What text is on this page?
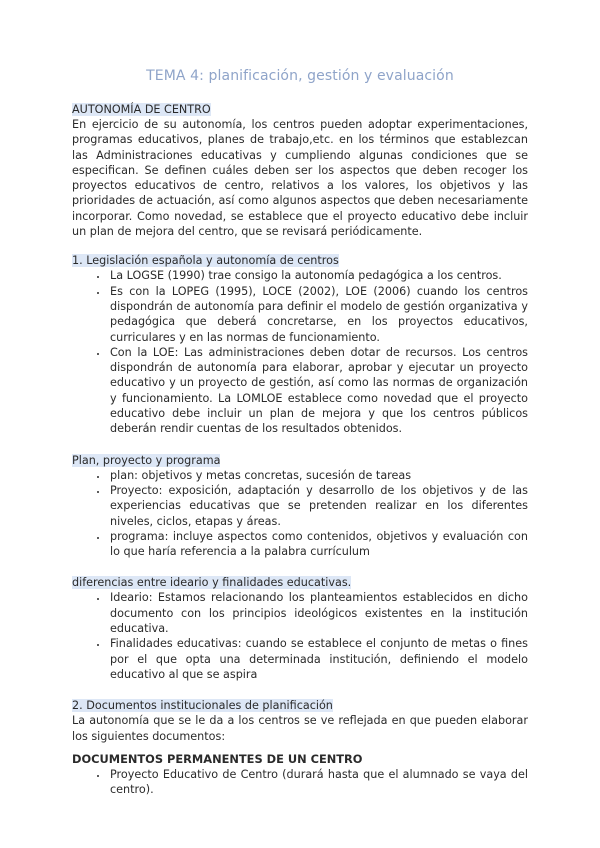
TEMA 4: planificación, gestión y evaluación

AUTONOMÍA DE CENTRO

En ejercicio de su autonomía, los centros pueden adoptar experimentaciones, programas educativos, planes de trabajo,etc. en los términos que establezcan las Administraciones educativas y cumpliendo algunas condiciones que se especifican. Se definen cuáles deben ser los aspectos que deben recoger los proyectos educativos de centro, relativos a los valores, los objetivos y las prioridades de actuación, así como algunos aspectos que deben necesariamente incorporar. Como novedad, se establece que el proyecto educativo debe incluir un plan de mejora del centro, que se revisará periódicamente.

1. Legislación española y autonomía de centros

• La LOGSE (1990) trae consigo la autonomía pedagógica a los centros.
• Es con la LOPEG (1995), LOCE (2002), LOE (2006) cuando los centros dispondrán de autonomía para definir el modelo de gestión organizativa y pedagógica que deberá concretarse, en los proyectos educativos, curriculares y en las normas de funcionamiento.
• Con la LOE: Las administraciones deben dotar de recursos. Los centros dispondrán de autonomía para elaborar, aprobar y ejecutar un proyecto educativo y un proyecto de gestión, así como las normas de organización y funcionamiento. La LOMLOE establece como novedad que el proyecto educativo debe incluir un plan de mejora y que los centros públicos deberán rendir cuentas de los resultados obtenidos.

Plan, proyecto y programa

• plan: objetivos y metas concretas, sucesión de tareas
• Proyecto: exposición, adaptación y desarrollo de los objetivos y de las experiencias educativas que se pretenden realizar en los diferentes niveles, ciclos, etapas y áreas.
• programa: incluye aspectos como contenidos, objetivos y evaluación con lo que haría referencia a la palabra currículum

diferencias entre ideario y finalidades educativas.

• Ideario: Estamos relacionando los planteamientos establecidos en dicho documento con los principios ideológicos existentes en la institución educativa.
• Finalidades educativas: cuando se establece el conjunto de metas o fines por el que opta una determinada institución, definiendo el modelo educativo al que se aspira

2. Documentos institucionales de planificación

La autonomía que se le da a los centros se ve reflejada en que pueden elaborar los siguientes documentos:

DOCUMENTOS PERMANENTES DE UN CENTRO

• Proyecto Educativo de Centro (durará hasta que el alumnado se vaya del centro).
